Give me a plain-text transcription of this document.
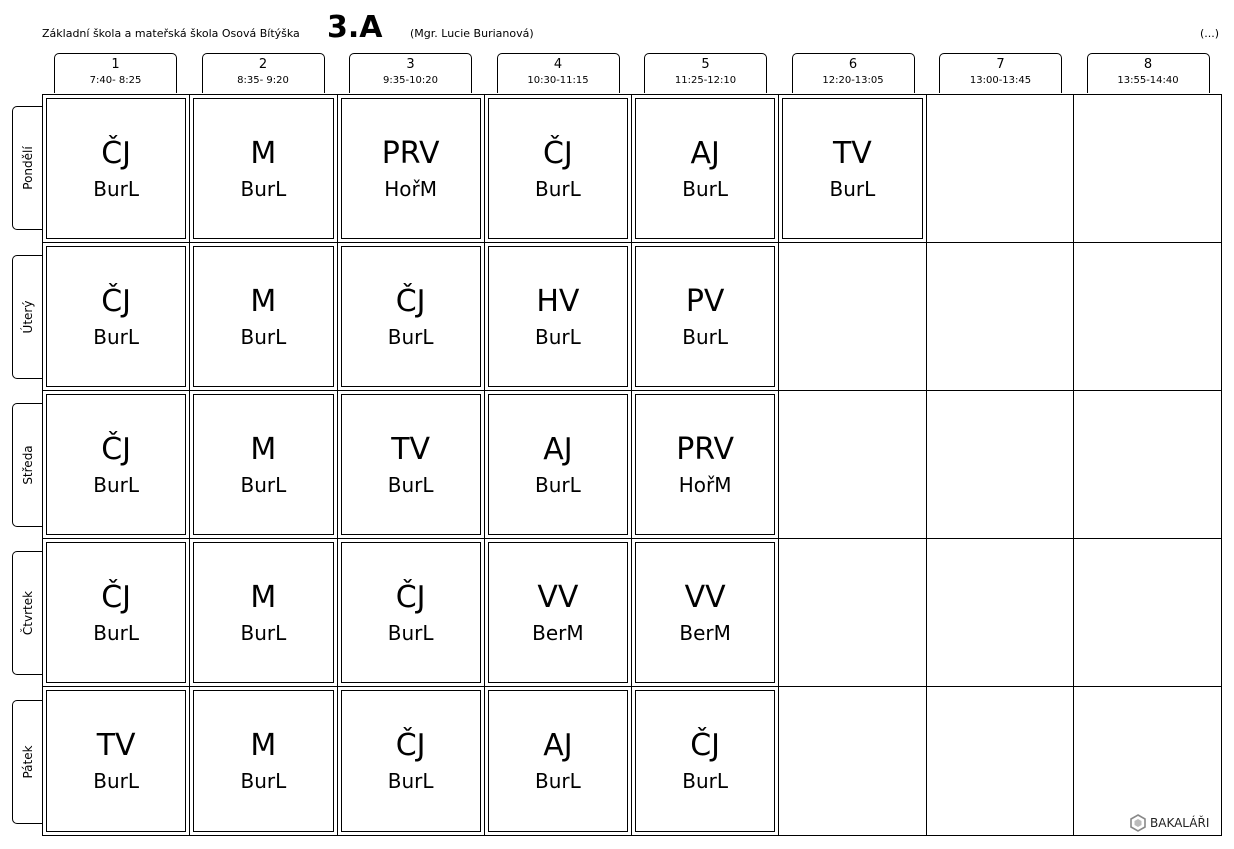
Základní škola a mateřská škola Osová Bítýška 3.A	(Mgr. Lucie Burianová)	(...)
1
7:40- 8:25
2
8:35- 9:20
3
9:35-10:20
4
10:30-11:15
5
11:25-12:10
6
12:20-13:05
7
13:00-13:45
8
13:55-14:40
Pondělí
Úterý
Středa
Čtvrtek
Pátek
ČJ
BurL
M
BurL
PRV
HořM
ČJ
BurL
AJ
BurL
TV
BurL
ČJ
BurL
M
BurL
ČJ
BurL
HV
BurL
PV
BurL
ČJ
BurL
M
BurL
TV
BurL
AJ
BurL
PRV
HořM
ČJ
BurL
M
BurL
ČJ
BurL
VV
BerM
VV
BerM
TV
BurL
M
BurL
ČJ
BurL
AJ
BurL
ČJ
BurL
BAKALÁŘI
